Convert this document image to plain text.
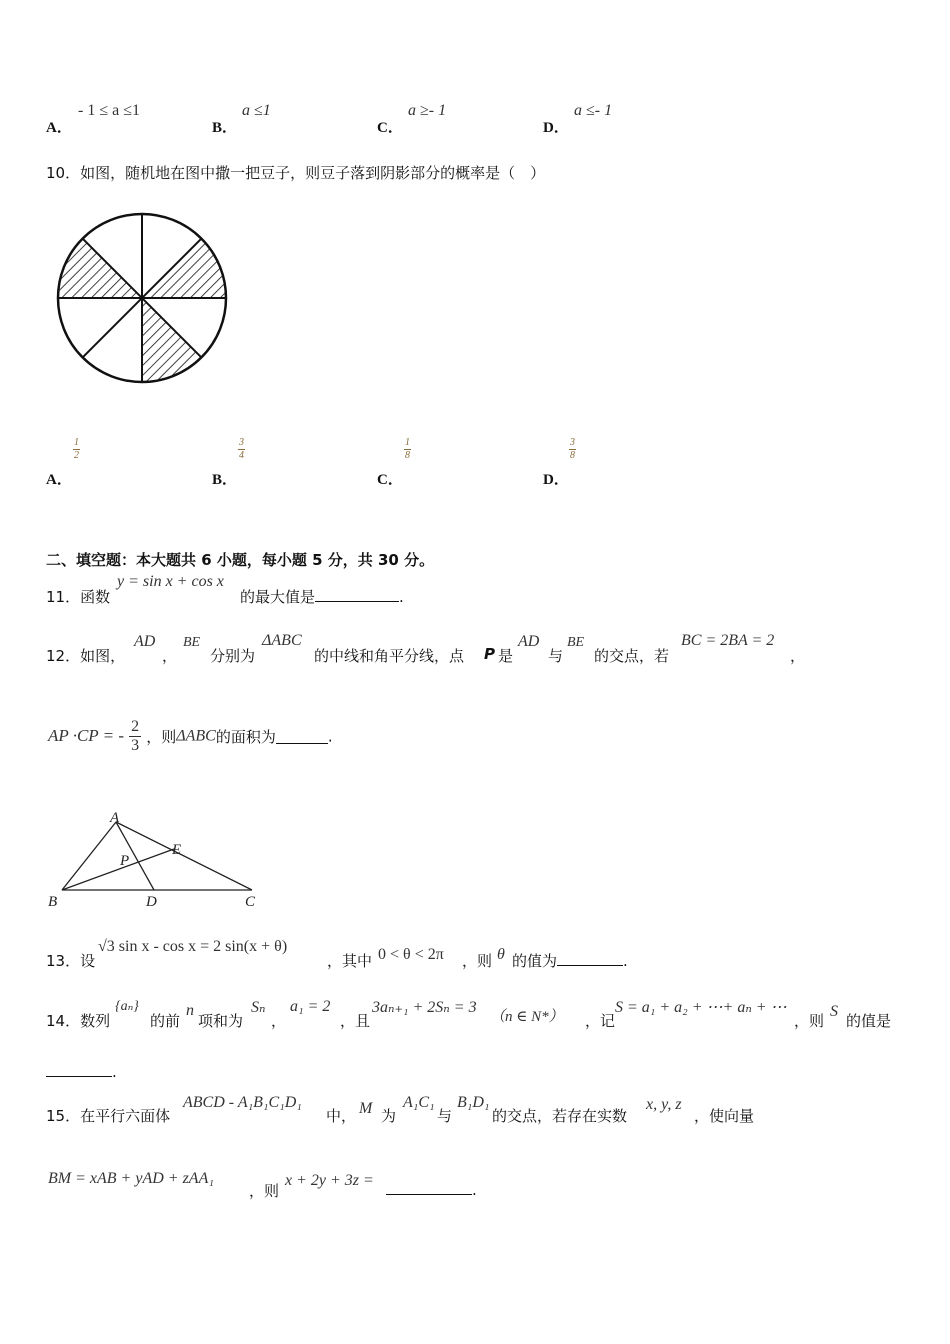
A．
- 1 ≤ a ≤1
B．
a ≤1
C．
a ≥- 1
D．
a ≤- 1
10．如图，随机地在图中撒一把豆子，则豆子落到阴影部分的概率是（　）
A．
1
2
B．
3
4
C．
1
8
D．
3
8
二、填空题：本大题共 6 小题，每小题 5 分，共 30 分。
11．函数
y = sin x + cos x
的最大值是	.
12．如图，
AD
，
BE
分别为
ΔABC
的中线和角平分线，点 P 是
AD
与
BE
的交点，若
BC = 2BA = 2
，
AP ·CP = - $\frac{2}{3}$ ，则ΔABC的面积为	.
A
B	C
D
E
P
13．设
√3 sin x - cos x = 2 sin(x + θ)
，其中 0 < θ < 2π ，则 θ 的值为	.
14．数列
{aₙ}
的前
n
项和为
Sₙ
，
a₁ = 2
，且
3aₙ₊₁ + 2Sₙ = 3
（n ∈ N*） ，记
S = a₁ + a₂ + ⋯+ aₙ + ⋯
，则
S
的值是
.
15．在平行六面体
ABCD - A₁B₁C₁D₁
中， M 为
A₁C₁
与
B₁D₁
的交点，若存在实数
x, y, z
，使向量
BM = xAB + yAD + zAA₁
，则
x + 2y + 3z =
.
